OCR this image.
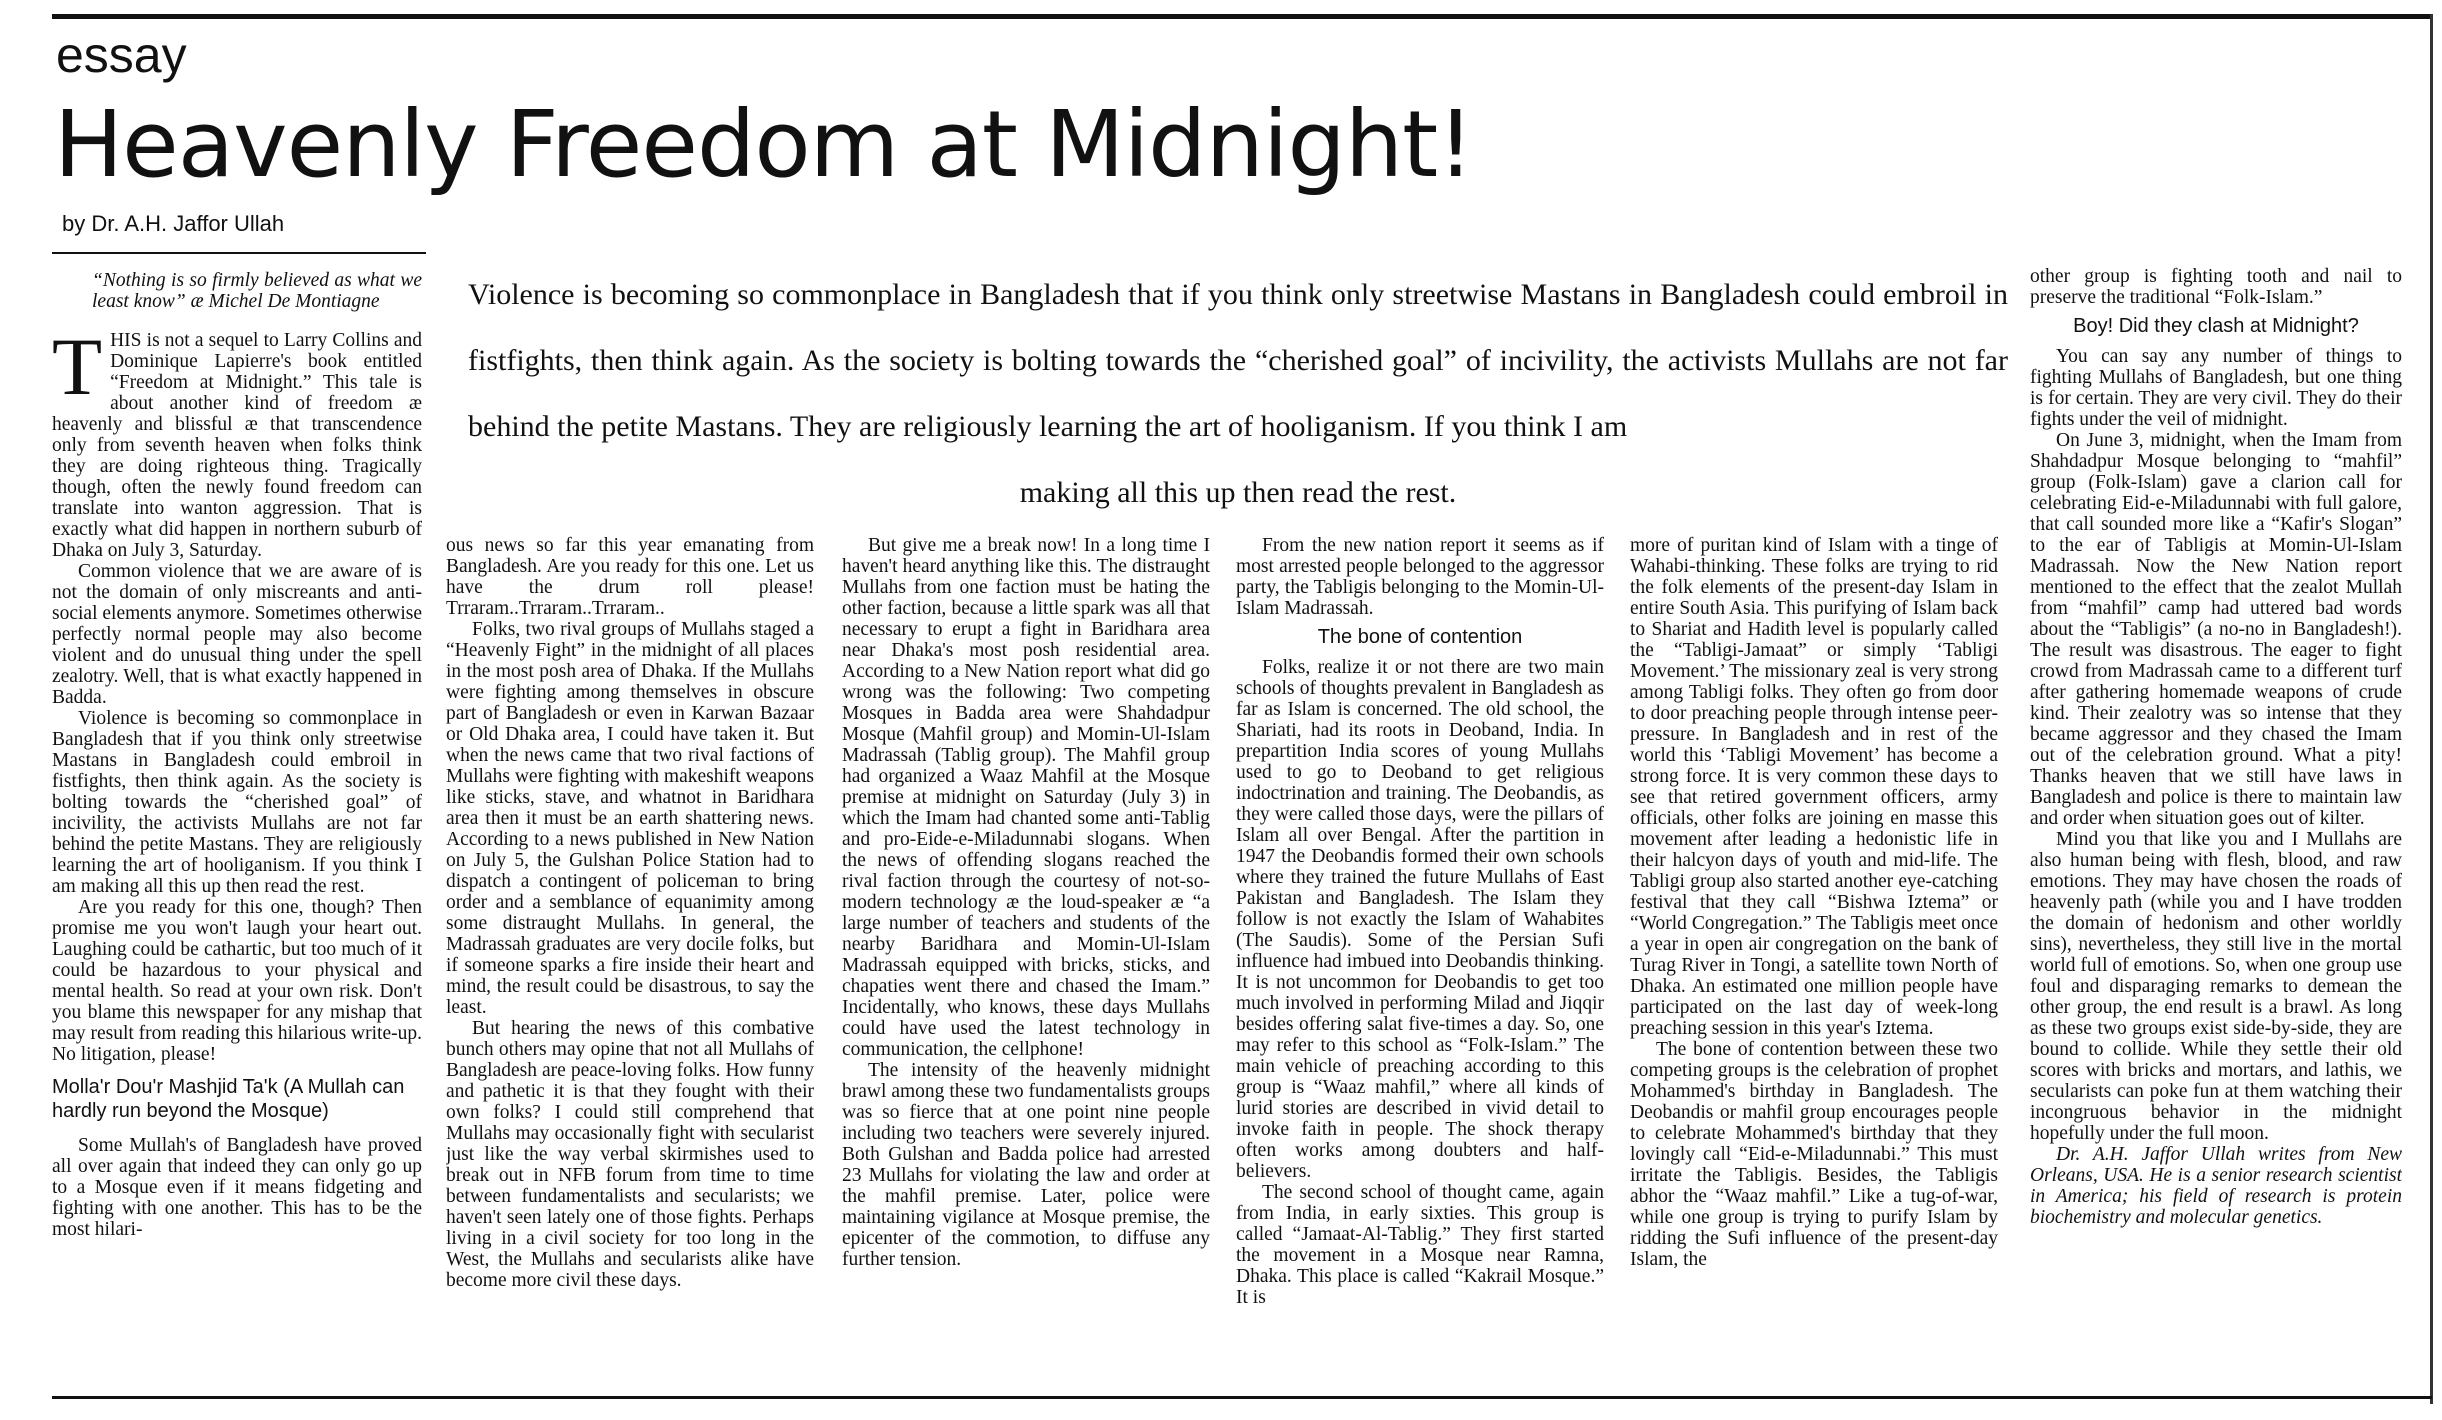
essay
Heavenly Freedom at Midnight!
by Dr. A.H. Jaffor Ullah

Violence is becoming so commonplace in Bangladesh that if you think only streetwise Mastans in Bangladesh could embroil in fistfights, then think again. As the society is bolting towards the “cherished goal” of incivility, the activists Mullahs are not far behind the petite Mastans. They are religiously learning the art of hooliganism. If you think I am

making all this up then read the rest.

“Nothing is so firmly believed as what we least know” æ Michel De Montiagne

THIS is not a sequel to Larry Collins and Dominique Lapierre's book entitled “Freedom at Midnight.” This tale is about another kind of freedom æ heavenly and blissful æ that transcendence only from seventh heaven when folks think they are doing righteous thing. Tragically though, often the newly found freedom can translate into wanton aggression. That is exactly what did happen in northern suburb of Dhaka on July 3, Saturday.

Common violence that we are aware of is not the domain of only miscreants and anti-social elements anymore. Sometimes otherwise perfectly normal people may also become violent and do unusual thing under the spell zealotry. Well, that is what exactly happened in Badda.

Violence is becoming so commonplace in Bangladesh that if you think only streetwise Mastans in Bangladesh could embroil in fistfights, then think again. As the society is bolting towards the “cherished goal” of incivility, the activists Mullahs are not far behind the petite Mastans. They are religiously learning the art of hooliganism. If you think I am making all this up then read the rest.

Are you ready for this one, though? Then promise me you won't laugh your heart out. Laughing could be cathartic, but too much of it could be hazardous to your physical and mental health. So read at your own risk. Don't you blame this newspaper for any mishap that may result from reading this hilarious write-up. No litigation, please!

Molla'r Dou'r Mashjid Ta'k (A Mullah can hardly run beyond the Mosque)

Some Mullah's of Bangladesh have proved all over again that indeed they can only go up to a Mosque even if it means fidgeting and fighting with one another. This has to be the most hilari-

ous news so far this year emanating from Bangladesh. Are you ready for this one. Let us have the drum roll please! Trraram..Trraram..Trraram..

Folks, two rival groups of Mullahs staged a “Heavenly Fight” in the midnight of all places in the most posh area of Dhaka. If the Mullahs were fighting among themselves in obscure part of Bangladesh or even in Karwan Bazaar or Old Dhaka area, I could have taken it. But when the news came that two rival factions of Mullahs were fighting with makeshift weapons like sticks, stave, and whatnot in Baridhara area then it must be an earth shattering news. According to a news published in New Nation on July 5, the Gulshan Police Station had to dispatch a contingent of policeman to bring order and a semblance of equanimity among some distraught Mullahs. In general, the Madrassah graduates are very docile folks, but if someone sparks a fire inside their heart and mind, the result could be disastrous, to say the least.

But hearing the news of this combative bunch others may opine that not all Mullahs of Bangladesh are peace-loving folks. How funny and pathetic it is that they fought with their own folks? I could still comprehend that Mullahs may occasionally fight with secularist just like the way verbal skirmishes used to break out in NFB forum from time to time between fundamentalists and secularists; we haven't seen lately one of those fights. Perhaps living in a civil society for too long in the West, the Mullahs and secularists alike have become more civil these days.

But give me a break now! In a long time I haven't heard anything like this. The distraught Mullahs from one faction must be hating the other faction, because a little spark was all that necessary to erupt a fight in Baridhara area near Dhaka's most posh residential area. According to a New Nation report what did go wrong was the following: Two competing Mosques in Badda area were Shahdadpur Mosque (Mahfil group) and Momin-Ul-Islam Madrassah (Tablig group). The Mahfil group had organized a Waaz Mahfil at the Mosque premise at midnight on Saturday (July 3) in which the Imam had chanted some anti-Tablig and pro-Eide-e-Miladunnabi slogans. When the news of offending slogans reached the rival faction through the courtesy of not-so-modern technology æ the loud-speaker æ “a large number of teachers and students of the nearby Baridhara and Momin-Ul-Islam Madrassah equipped with bricks, sticks, and chapaties went there and chased the Imam.” Incidentally, who knows, these days Mullahs could have used the latest technology in communication, the cellphone!

The intensity of the heavenly midnight brawl among these two fundamentalists groups was so fierce that at one point nine people including two teachers were severely injured. Both Gulshan and Badda police had arrested 23 Mullahs for violating the law and order at the mahfil premise. Later, police were maintaining vigilance at Mosque premise, the epicenter of the commotion, to diffuse any further tension.

From the new nation report it seems as if most arrested people belonged to the aggressor party, the Tabligis belonging to the Momin-Ul-Islam Madrassah.

The bone of contention

Folks, realize it or not there are two main schools of thoughts prevalent in Bangladesh as far as Islam is concerned. The old school, the Shariati, had its roots in Deoband, India. In prepartition India scores of young Mullahs used to go to Deoband to get religious indoctrination and training. The Deobandis, as they were called those days, were the pillars of Islam all over Bengal. After the partition in 1947 the Deobandis formed their own schools where they trained the future Mullahs of East Pakistan and Bangladesh. The Islam they follow is not exactly the Islam of Wahabites (The Saudis). Some of the Persian Sufi influence had imbued into Deobandis thinking. It is not uncommon for Deobandis to get too much involved in performing Milad and Jiqqir besides offering salat five-times a day. So, one may refer to this school as “Folk-Islam.” The main vehicle of preaching according to this group is “Waaz mahfil,” where all kinds of lurid stories are described in vivid detail to invoke faith in people. The shock therapy often works among doubters and half-believers.

The second school of thought came, again from India, in early sixties. This group is called “Jamaat-Al-Tablig.” They first started the movement in a Mosque near Ramna, Dhaka. This place is called “Kakrail Mosque.” It is

more of puritan kind of Islam with a tinge of Wahabi-thinking. These folks are trying to rid the folk elements of the present-day Islam in entire South Asia. This purifying of Islam back to Shariat and Hadith level is popularly called the “Tabligi-Jamaat” or simply ‘Tabligi Movement.’ The missionary zeal is very strong among Tabligi folks. They often go from door to door preaching people through intense peer-pressure. In Bangladesh and in rest of the world this ‘Tabligi Movement’ has become a strong force. It is very common these days to see that retired government officers, army officials, other folks are joining en masse this movement after leading a hedonistic life in their halcyon days of youth and mid-life. The Tabligi group also started another eye-catching festival that they call “Bishwa Iztema” or “World Congregation.” The Tabligis meet once a year in open air congregation on the bank of Turag River in Tongi, a satellite town North of Dhaka. An estimated one million people have participated on the last day of week-long preaching session in this year's Iztema.

The bone of contention between these two competing groups is the celebration of prophet Mohammed's birthday in Bangladesh. The Deobandis or mahfil group encourages people to celebrate Mohammed's birthday that they lovingly call “Eid-e-Miladunnabi.” This must irritate the Tabligis. Besides, the Tabligis abhor the “Waaz mahfil.” Like a tug-of-war, while one group is trying to purify Islam by ridding the Sufi influence of the present-day Islam, the

other group is fighting tooth and nail to preserve the traditional “Folk-Islam.”

Boy! Did they clash at Midnight?

You can say any number of things to fighting Mullahs of Bangladesh, but one thing is for certain. They are very civil. They do their fights under the veil of midnight.

On June 3, midnight, when the Imam from Shahdadpur Mosque belonging to “mahfil” group (Folk-Islam) gave a clarion call for celebrating Eid-e-Miladunnabi with full galore, that call sounded more like a “Kafir's Slogan” to the ear of Tabligis at Momin-Ul-Islam Madrassah. Now the New Nation report mentioned to the effect that the zealot Mullah from “mahfil” camp had uttered bad words about the “Tabligis” (a no-no in Bangladesh!). The result was disastrous. The eager to fight crowd from Madrassah came to a different turf after gathering homemade weapons of crude kind. Their zealotry was so intense that they became aggressor and they chased the Imam out of the celebration ground. What a pity! Thanks heaven that we still have laws in Bangladesh and police is there to maintain law and order when situation goes out of kilter.

Mind you that like you and I Mullahs are also human being with flesh, blood, and raw emotions. They may have chosen the roads of heavenly path (while you and I have trodden the domain of hedonism and other worldly sins), nevertheless, they still live in the mortal world full of emotions. So, when one group use foul and disparaging remarks to demean the other group, the end result is a brawl. As long as these two groups exist side-by-side, they are bound to collide. While they settle their old scores with bricks and mortars, and lathis, we secularists can poke fun at them watching their incongruous behavior in the midnight hopefully under the full moon.

Dr. A.H. Jaffor Ullah writes from New Orleans, USA. He is a senior research scientist in America; his field of research is protein biochemistry and molecular genetics.
